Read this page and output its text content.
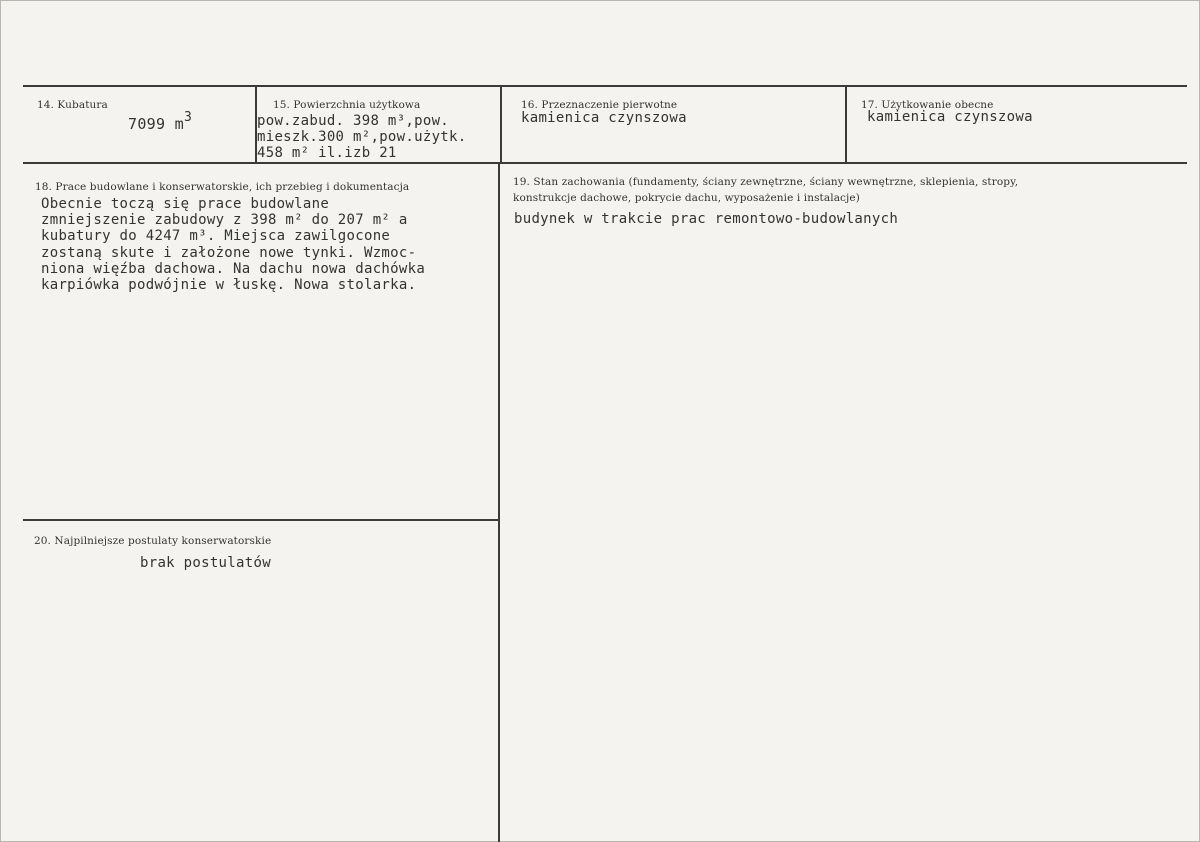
14. Kubatura
7099 m3
15. Powierzchnia użytkowa
pow.zabud. 398 m³,pow.
mieszk.300 m²,pow.użytk.
458 m² il.izb 21
16. Przeznaczenie pierwotne
kamienica czynszowa
17. Użytkowanie obecne
kamienica czynszowa
18. Prace budowlane i konserwatorskie, ich przebieg i dokumentacja
Obecnie toczą się prace budowlane
zmniejszenie zabudowy z 398 m² do 207 m² a
kubatury do 4247 m³. Miejsca zawilgocone
zostaną skute i założone nowe tynki. Wzmoc-
niona więźba dachowa. Na dachu nowa dachówka
karpiówka podwójnie w łuskę. Nowa stolarka.
19. Stan zachowania (fundamenty, ściany zewnętrzne, ściany wewnętrzne, sklepienia, stropy,
konstrukcje dachowe, pokrycie dachu, wyposażenie i instalacje)
budynek w trakcie prac remontowo-budowlanych
20. Najpilniejsze postulaty konserwatorskie
brak postulatów
